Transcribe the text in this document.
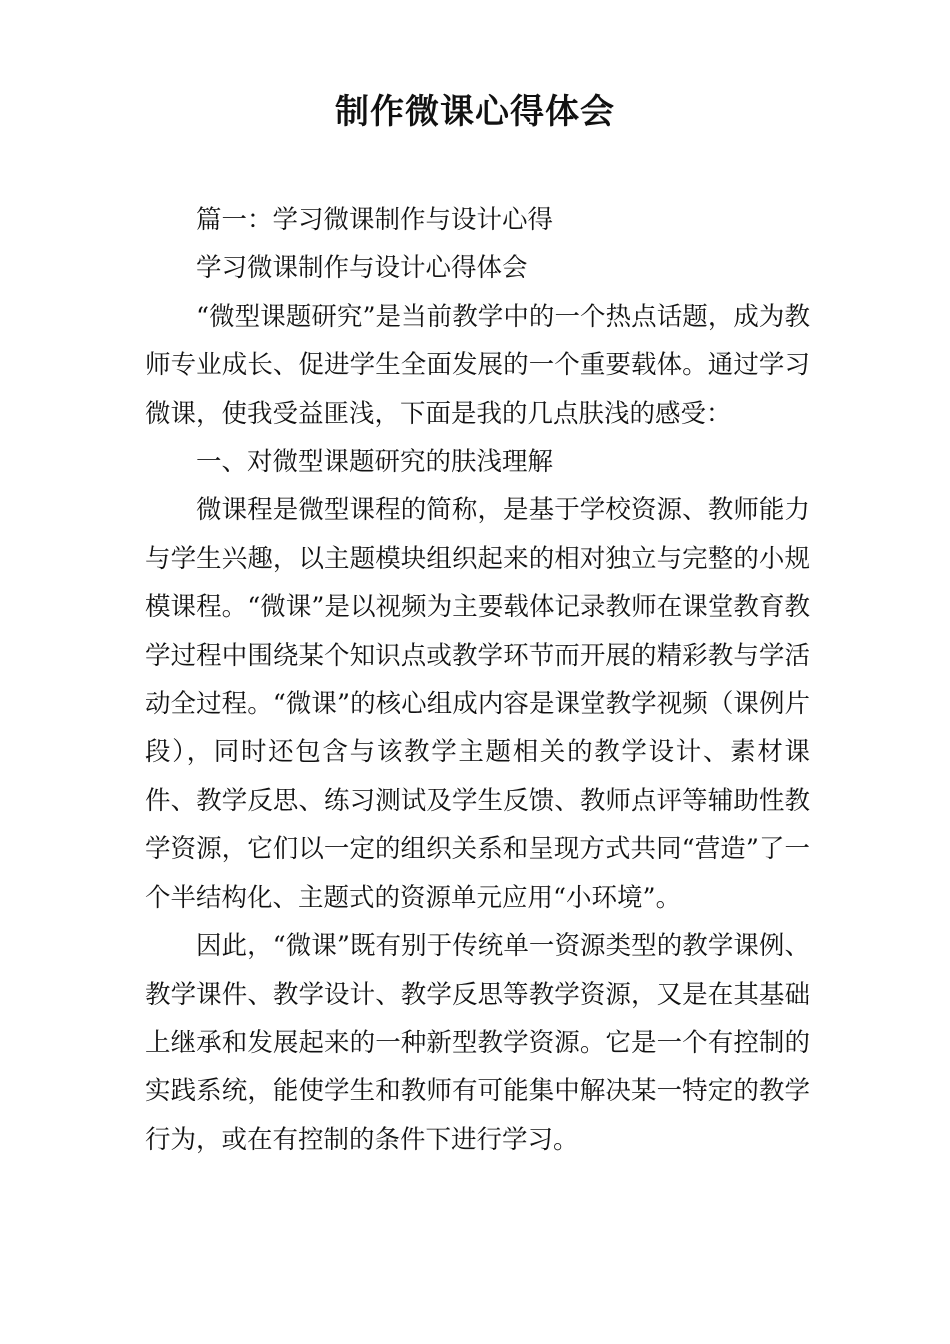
制作微课心得体会

篇一：学习微课制作与设计心得

学习微课制作与设计心得体会

“微型课题研究”是当前教学中的一个热点话题，成为教师专业成长、促进学生全面发展的一个重要载体。通过学习微课，使我受益匪浅，下面是我的几点肤浅的感受：

一、对微型课题研究的肤浅理解

微课程是微型课程的简称，是基于学校资源、教师能力与学生兴趣，以主题模块组织起来的相对独立与完整的小规模课程。“微课”是以视频为主要载体记录教师在课堂教育教学过程中围绕某个知识点或教学环节而开展的精彩教与学活动全过程。“微课”的核心组成内容是课堂教学视频（课例片段），同时还包含与该教学主题相关的教学设计、素材课件、教学反思、练习测试及学生反馈、教师点评等辅助性教学资源，它们以一定的组织关系和呈现方式共同“营造”了一个半结构化、主题式的资源单元应用“小环境”。

因此，“微课”既有别于传统单一资源类型的教学课例、教学课件、教学设计、教学反思等教学资源，又是在其基础上继承和发展起来的一种新型教学资源。它是一个有控制的实践系统，能使学生和教师有可能集中解决某一特定的教学行为，或在有控制的条件下进行学习。
